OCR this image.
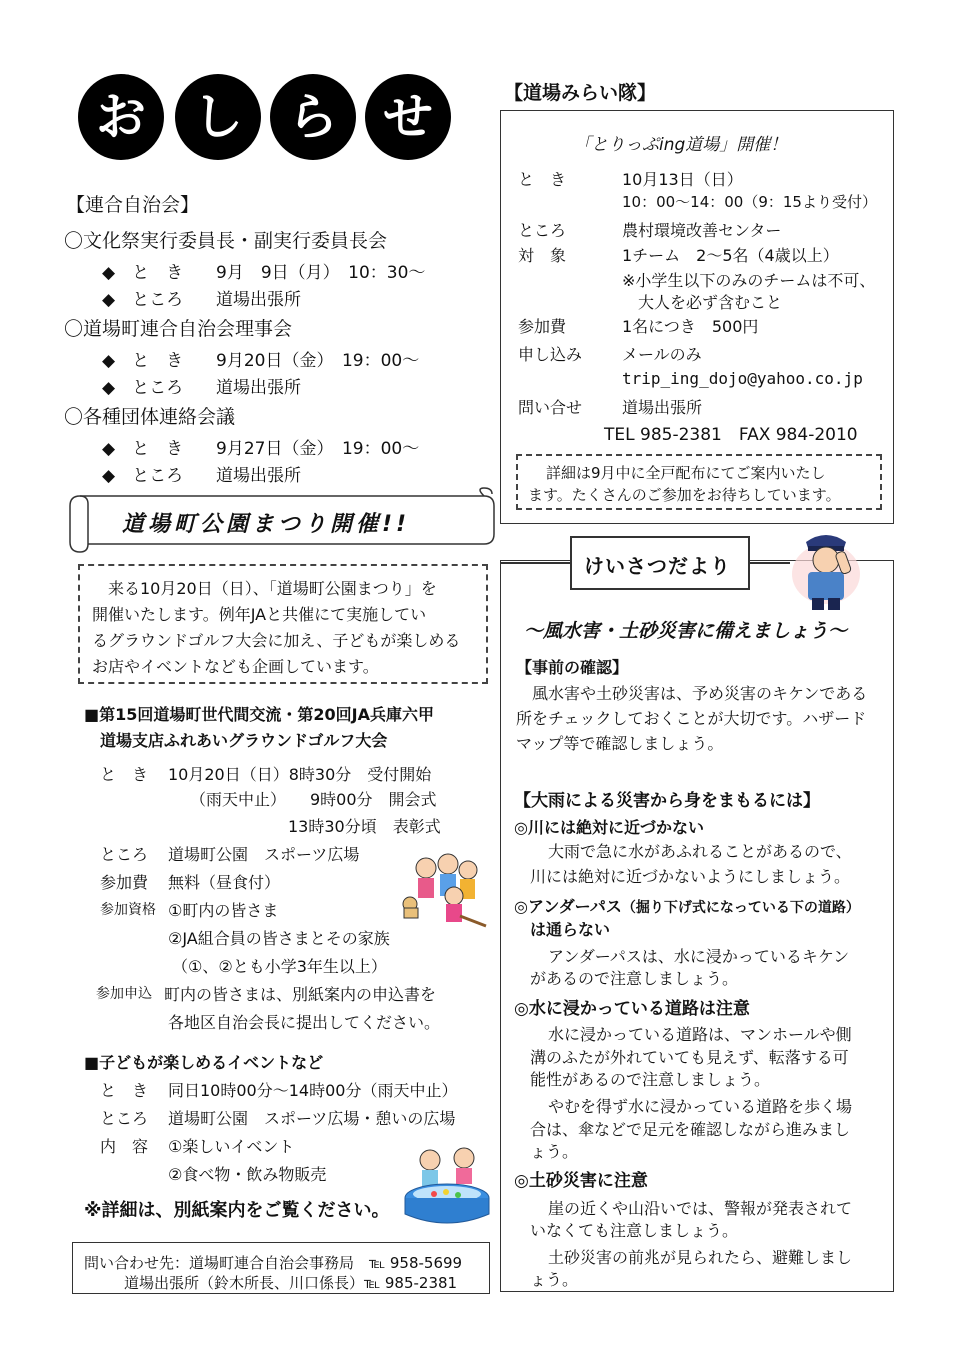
お し ら せ
【連合自治会】
〇文化祭実行委員長・副実行委員長会
◆　 と　き 9月　9日（月）　10：30〜
◆　 ところ 道場出張所
〇道場町連合自治会理事会
◆　 と　き 9月20日（金）　19：00〜
◆　 ところ 道場出張所
〇各種団体連絡会議
◆　 と　き 9月27日（金）　19：00〜
◆　 ところ 道場出張所
道場町公園まつり開催!!
来る10月20日（日）、「道場町公園まつり」を
開催いたします。例年JAと共催にて実施してい
るグラウンドゴルフ大会に加え、子どもが楽しめる
お店やイベントなども企画しています。
■第15回道場町世代間交流・第20回JA兵庫六甲
道場支店ふれあいグラウンドゴルフ大会
と　き 10月20日（日）8時30分　受付開始
（雨天中止）　　9時00分　開会式
13時30分頃　表彰式
ところ 道場町公園　スポーツ広場
参加費 無料（昼食付）
参加資格 ①町内の皆さま
②JA組合員の皆さまとその家族
（①、②とも小学3年生以上）
参加申込 町内の皆さまは、別紙案内の申込書を
各地区自治会長に提出してください。
■子どもが楽しめるイベントなど
と　き 同日10時00分〜14時00分（雨天中止）
ところ 道場町公園　スポーツ広場・憩いの広場
内　容 ①楽しいイベント
②食べ物・飲み物販売
※詳細は、別紙案内をご覧ください。
問い合わせ先：道場町連合自治会事務局　℡ 958-5699
道場出張所（鈴木所長、川口係長）℡ 985-2381
【道場みらい隊】
「とりっぷing道場」開催！
と　き	10月13日（日）
10：00〜14：00（9：15より受付）
ところ	農村環境改善センター
対　象	1チーム　2〜5名（4歳以上）
※小学生以下のみのチームは不可、
大人を必ず含むこと
参加費	1名につき　500円
申し込み メールのみ
trip_ing_dojo@yahoo.co.jp
問い合せ 道場出張所
TEL 985-2381　FAX 984-2010
詳細は9月中に全戸配布にてご案内いたし
ます。たくさんのご参加をお待ちしています。
けいさつだより
〜風水害・土砂災害に備えましょう〜
【事前の確認】
風水害や土砂災害は、予め災害のキケンである
所をチェックしておくことが大切です。ハザード
マップ等で確認しましょう。
【大雨による災害から身をまもるには】
◎川には絶対に近づかない
大雨で急に水があふれることがあるので、
川には絶対に近づかないようにしましょう。
◎アンダーパス（掘り下げ式になっている下の道路）
は通らない
アンダーパスは、水に浸かっているキケン
があるので注意しましょう。
◎水に浸かっている道路は注意
水に浸かっている道路は、マンホールや側
溝のふたが外れていても見えず、転落する可
能性があるので注意しましょう。
やむを得ず水に浸かっている道路を歩く場
合は、傘などで足元を確認しながら進みまし
ょう。
◎土砂災害に注意
崖の近くや山沿いでは、警報が発表されて
いなくても注意しましょう。
土砂災害の前兆が見られたら、避難しまし
ょう。
